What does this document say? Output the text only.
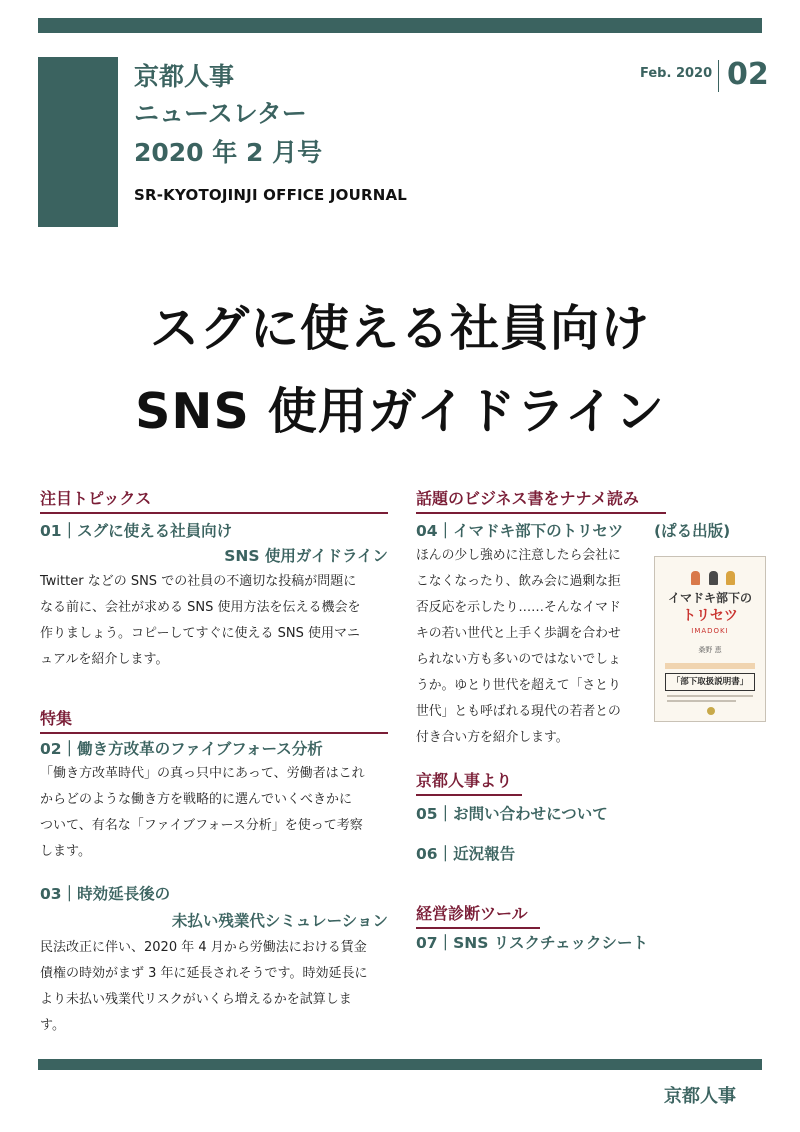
京都人事
ニュースレター
2020 年 2 月号
SR-KYOTOJINJI OFFICE JOURNAL
Feb. 2020 02
スグに使える社員向け
SNS 使用ガイドライン
注目トピックス
01｜スグに使える社員向け
SNS 使用ガイドライン
Twitter などの SNS での社員の不適切な投稿が問題に
なる前に、会社が求める SNS 使用方法を伝える機会を
作りましょう。コピーしてすぐに使える SNS 使用マニ
ュアルを紹介します。
特集
02｜働き方改革のファイブフォース分析
「働き方改革時代」の真っ只中にあって、労働者はこれ
からどのような働き方を戦略的に選んでいくべきかに
ついて、有名な「ファイブフォース分析」を使って考察
します。
03｜時効延長後の
未払い残業代シミュレーション
民法改正に伴い、2020 年 4 月から労働法における賃金
債権の時効がまず 3 年に延長されそうです。時効延長に
より未払い残業代リスクがいくら増えるかを試算しま
す。
話題のビジネス書をナナメ読み
04｜イマドキ部下のトリセツ (ぱる出版)
ほんの少し強めに注意したら会社に
こなくなったり、飲み会に過剰な拒
否反応を示したり……そんなイマド
キの若い世代と上手く歩調を合わせ
られない方も多いのではないでしょ
うか。ゆとり世代を超えて「さとり
世代」とも呼ばれる現代の若者との
付き合い方を紹介します。
イマドキ部下の
トリセツ
IMADOKI
桑野 恵
「部下取扱説明書」
京都人事より
05｜お問い合わせについて
06｜近況報告
経営診断ツール
07｜SNS リスクチェックシート
京都人事
